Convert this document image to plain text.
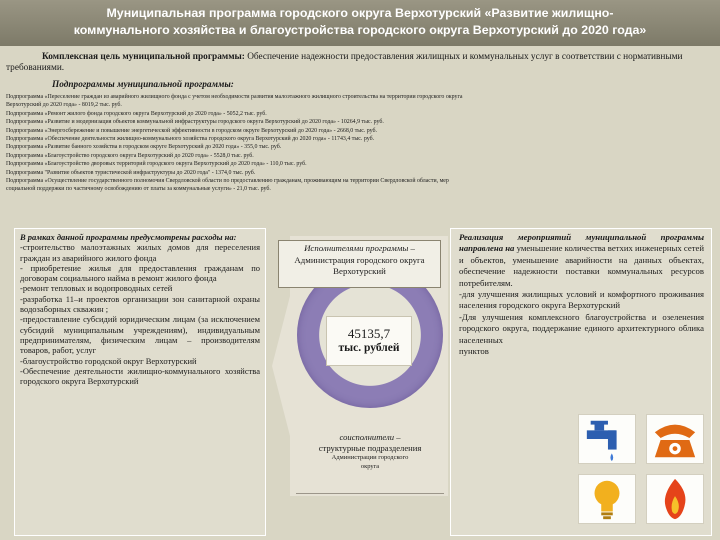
Муниципальная программа городского округа Верхотурский «Развитие жилищно-
коммунального хозяйства и благоустройства городского округа Верхотурский до 2020 года»
Комплексная цель муниципальной программы: Обеспечение надежности предоставления жилищных и коммунальных услуг в соответствии с нормативными требованиями.
Подпрограммы муниципальной программы:
Подпрограмма «Переселение граждан из аварийного жилищного фонда с учетом необходимости развития малоэтажного жилищного строительства на территории городского округа
Верхотурский до 2020 года» - 8019,2 тыс. руб.
Подпрограмма «Ремонт жилого фонда городского округа Верхотурский до 2020 года» - 5052,2 тыс. руб.
Подпрограмма «Развитие и модернизация объектов коммунальной инфраструктуры городского округа Верхотурский до 2020 года» - 10264,9 тыс. руб.
Подпрограмма «Энергосбережение и повышение энергетической эффективности в городском округе Верхотурский до 2020 года» - 2668,0 тыс. руб.
Подпрограмма «Обеспечение деятельности жилищно-коммунального хозяйства городского округа Верхотурский до 2020 года» - 11743,4 тыс. руб.
Подпрограмма «Развитие банного хозяйства в городском округе Верхотурский до 2020 года» - 355,0 тыс. руб.
Подпрограмма «Благоустройство городского округа Верхотурский до 2020 года» - 5528,0 тыс. руб.
Подпрограмма «Благоустройство дворовых территорий городского округа Верхотурский до 2020 года» - 110,0 тыс. руб.
Подпрограмма "Развитие объектов туристической инфраструктуры до 2020 года" - 1374,0 тыс. руб.
Подпрограмма «Осуществление государственного полномочия Свердловской области по предоставлению гражданам, проживающим на территории Свердловской области, мер
социальной поддержки по частичному освобождению от платы за коммунальные услуги» - 21,0 тыс. руб.
В рамках данной программы предусмотрены расходы на:
-строительство малоэтажных жилых домов для переселения граждан из аварийного жилого фонда
- приобретение жилья для предоставления гражданам по договорам социального найма в ремонт жилого фонда
-ремонт тепловых и водопроводных сетей
-разработка 11–и проектов организации зон санитарной охраны водозаборных скважин ;
-предоставление субсидий юридическим лицам (за исключением субсидий муниципальным учреждениям), индивидуальным предпринимателям, физическим лицам – производителям товаров, работ, услуг
-благоустройство городской округ Верхотурский
-Обеспечение деятельности жилищно-коммунального хозяйства городского округа Верхотурский
Исполнителями программы –
Администрация городского округа Верхотурский
45135,7
тыс. рублей
соисполнители –
структурные подразделения
Администрации городского
округа
Реализация мероприятий муниципальной программы направлена на уменьшение количества ветхих инженерных сетей и объектов, уменьшение аварийности на данных объектах, обеспечение надежности поставки коммунальных ресурсов потребителям.
-для улучшения жилищных условий и комфортного проживания населения городского округа Верхотурский
-Для улучшения комплексного благоустройства и озеленения городского округа, поддержание единого архитектурного облика населенных
пунктов
